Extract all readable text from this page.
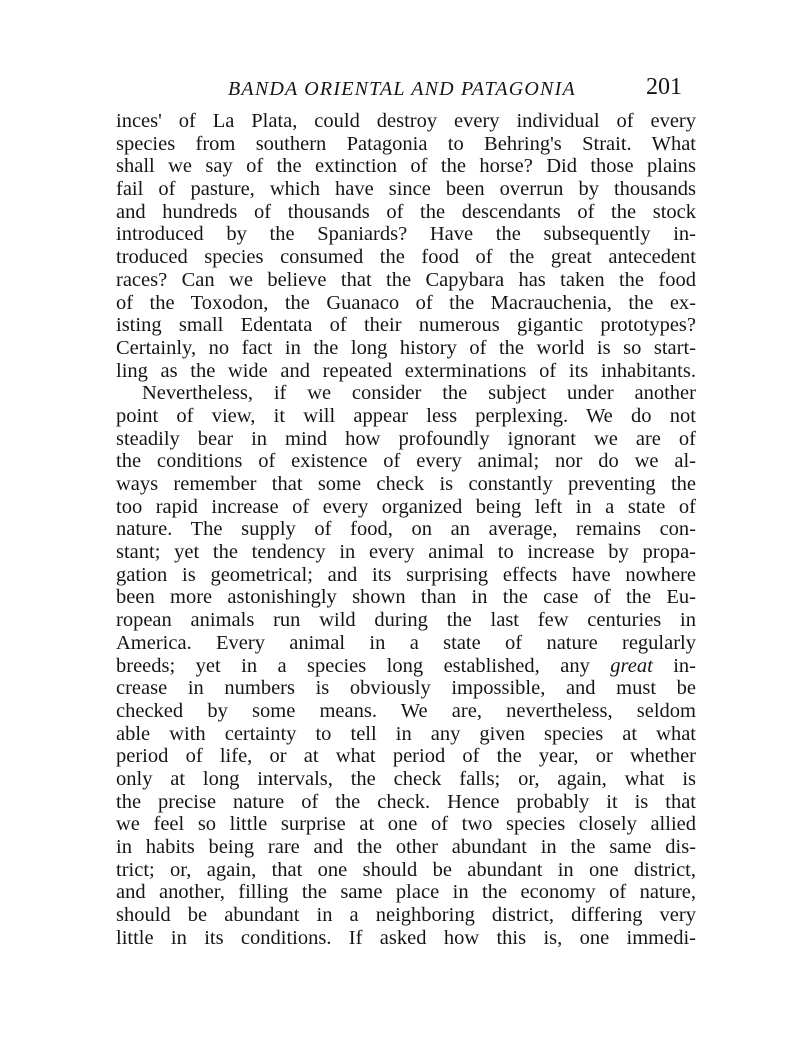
BANDA ORIENTAL AND PATAGONIA	201
inces' of La Plata, could destroy every individual of every
species from southern Patagonia to Behring's Strait. What
shall we say of the extinction of the horse? Did those plains
fail of pasture, which have since been overrun by thousands
and hundreds of thousands of the descendants of the stock
introduced by the Spaniards? Have the subsequently in-
troduced species consumed the food of the great antecedent
races? Can we believe that the Capybara has taken the food
of the Toxodon, the Guanaco of the Macrauchenia, the ex-
isting small Edentata of their numerous gigantic prototypes?
Certainly, no fact in the long history of the world is so start-
ling as the wide and repeated exterminations of its inhabitants.
Nevertheless, if we consider the subject under another
point of view, it will appear less perplexing. We do not
steadily bear in mind how profoundly ignorant we are of
the conditions of existence of every animal; nor do we al-
ways remember that some check is constantly preventing the
too rapid increase of every organized being left in a state of
nature. The supply of food, on an average, remains con-
stant; yet the tendency in every animal to increase by propa-
gation is geometrical; and its surprising effects have nowhere
been more astonishingly shown than in the case of the Eu-
ropean animals run wild during the last few centuries in
America. Every animal in a state of nature regularly
breeds; yet in a species long established, any great in-
crease in numbers is obviously impossible, and must be
checked by some means. We are, nevertheless, seldom
able with certainty to tell in any given species at what
period of life, or at what period of the year, or whether
only at long intervals, the check falls; or, again, what is
the precise nature of the check. Hence probably it is that
we feel so little surprise at one of two species closely allied
in habits being rare and the other abundant in the same dis-
trict; or, again, that one should be abundant in one district,
and another, filling the same place in the economy of nature,
should be abundant in a neighboring district, differing very
little in its conditions. If asked how this is, one immedi-
